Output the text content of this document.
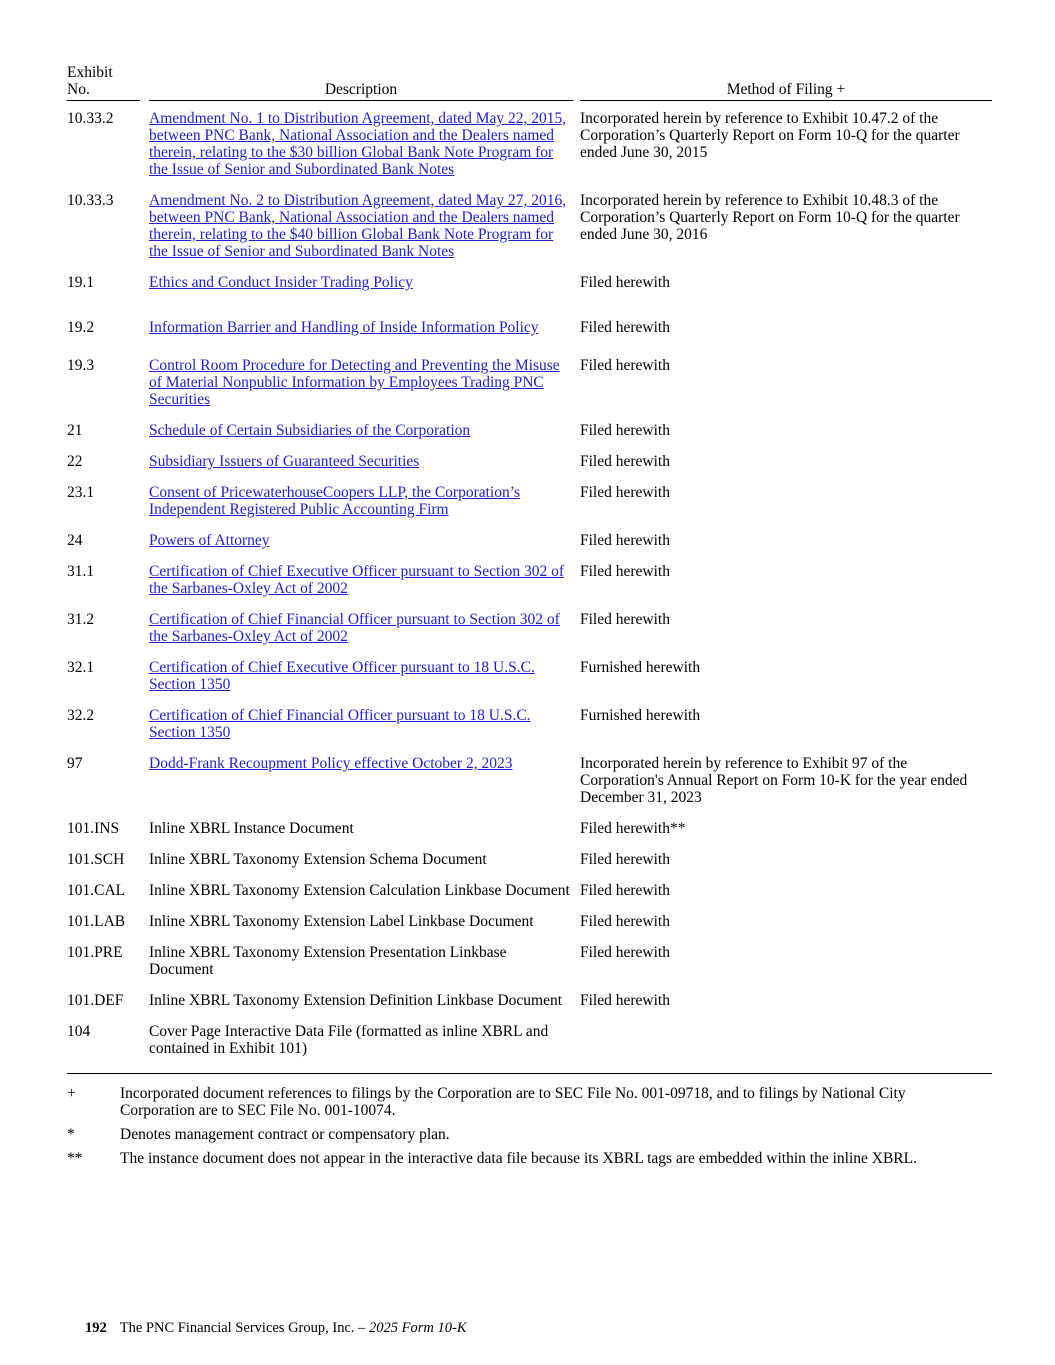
Exhibit
No.		Description		Method of Filing +
10.33.2		Amendment No. 1 to Distribution Agreement, dated May 22, 2015, between PNC Bank, National Association and the Dealers named therein, relating to the $30 billion Global Bank Note Program for the Issue of Senior and Subordinated Bank Notes		Incorporated herein by reference to Exhibit 10.47.2 of the Corporation’s Quarterly Report on Form 10-Q for the quarter ended June 30, 2015
10.33.3		Amendment No. 2 to Distribution Agreement, dated May 27, 2016, between PNC Bank, National Association and the Dealers named therein, relating to the $40 billion Global Bank Note Program for the Issue of Senior and Subordinated Bank Notes		Incorporated herein by reference to Exhibit 10.48.3 of the Corporation’s Quarterly Report on Form 10-Q for the quarter ended June 30, 2016
19.1		Ethics and Conduct Insider Trading Policy		Filed herewith
19.2		Information Barrier and Handling of Inside Information Policy		Filed herewith
19.3		Control Room Procedure for Detecting and Preventing the Misuse of Material Nonpublic Information by Employees Trading PNC Securities		Filed herewith
21		Schedule of Certain Subsidiaries of the Corporation		Filed herewith
22		Subsidiary Issuers of Guaranteed Securities		Filed herewith
23.1		Consent of PricewaterhouseCoopers LLP, the Corporation’s Independent Registered Public Accounting Firm		Filed herewith
24		Powers of Attorney		Filed herewith
31.1		Certification of Chief Executive Officer pursuant to Section 302 of the Sarbanes-Oxley Act of 2002		Filed herewith
31.2		Certification of Chief Financial Officer pursuant to Section 302 of the Sarbanes-Oxley Act of 2002		Filed herewith
32.1		Certification of Chief Executive Officer pursuant to 18 U.S.C. Section 1350		Furnished herewith
32.2		Certification of Chief Financial Officer pursuant to 18 U.S.C. Section 1350		Furnished herewith
97		Dodd-Frank Recoupment Policy effective October 2, 2023		Incorporated herein by reference to Exhibit 97 of the Corporation's Annual Report on Form 10-K for the year ended December 31, 2023
101.INS		Inline XBRL Instance Document		Filed herewith**
101.SCH		Inline XBRL Taxonomy Extension Schema Document		Filed herewith
101.CAL		Inline XBRL Taxonomy Extension Calculation Linkbase Document		Filed herewith
101.LAB		Inline XBRL Taxonomy Extension Label Linkbase Document		Filed herewith
101.PRE		Inline XBRL Taxonomy Extension Presentation Linkbase Document		Filed herewith
101.DEF		Inline XBRL Taxonomy Extension Definition Linkbase Document		Filed herewith
104		Cover Page Interactive Data File (formatted as inline XBRL and contained in Exhibit 101)		
+	Incorporated document references to filings by the Corporation are to SEC File No. 001-09718, and to filings by National City Corporation are to SEC File No. 001-10074.
*	Denotes management contract or compensatory plan.
**	The instance document does not appear in the interactive data file because its XBRL tags are embedded within the inline XBRL.
192 The PNC Financial Services Group, Inc. – 2025 Form 10-K
